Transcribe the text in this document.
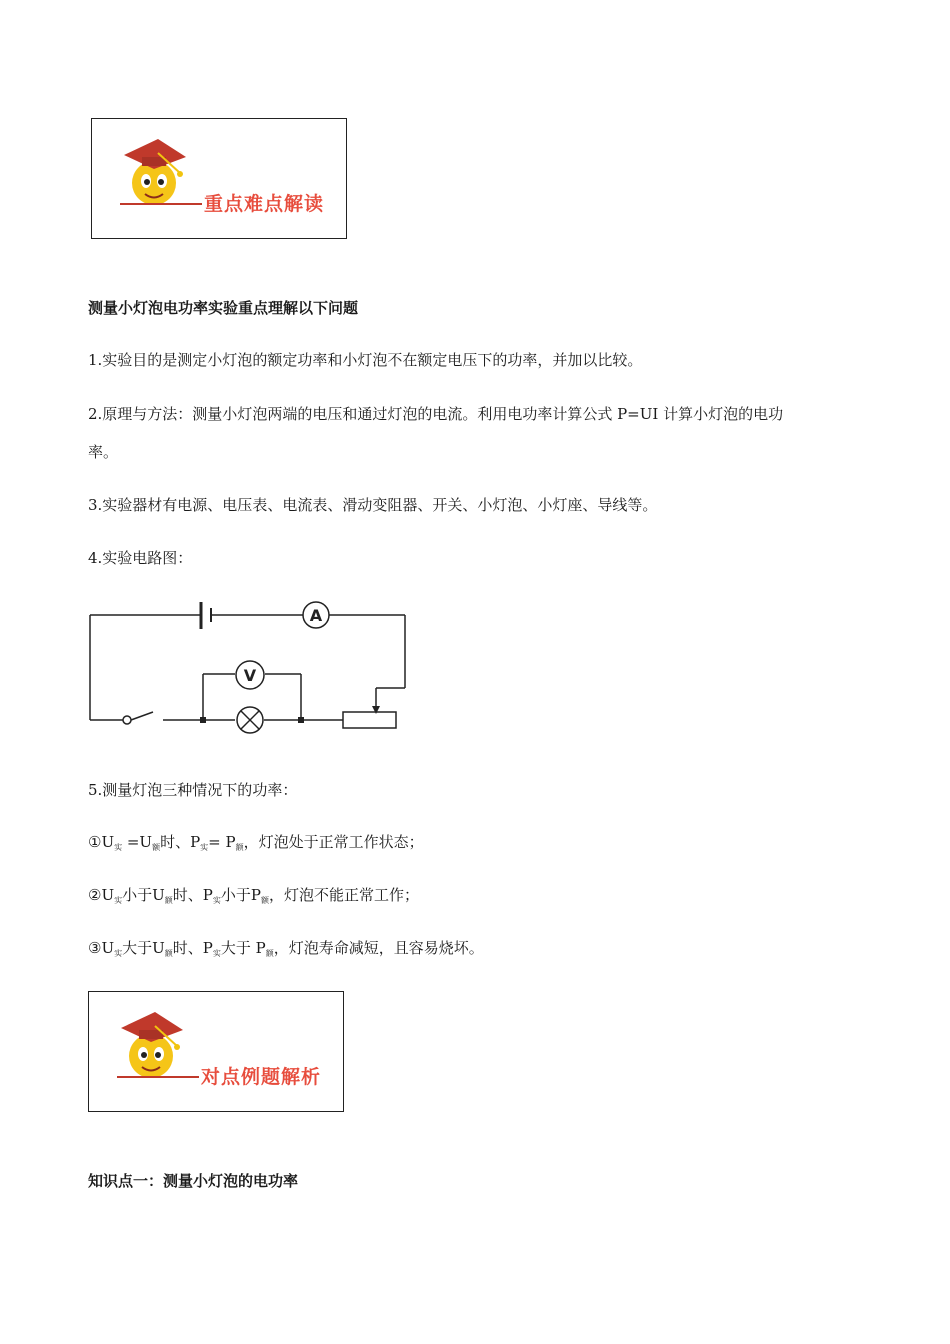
重点难点解读
测量小灯泡电功率实验重点理解以下问题
1.实验目的是测定小灯泡的额定功率和小灯泡不在额定电压下的功率，并加以比较。
2.原理与方法：测量小灯泡两端的电压和通过灯泡的电流。利用电功率计算公式 P=UI 计算小灯泡的电功
率。
3.实验器材有电源、电压表、电流表、滑动变阻器、开关、小灯泡、小灯座、导线等。
4.实验电路图：
A
V
5.测量灯泡三种情况下的功率：
$①U_实 =U_额$时、$P_实= P_额$，灯泡处于正常工作状态；
$②U_实$小于$U_额$时、$P_实$小于$P_额$，灯泡不能正常工作；
$③U_实$大于$U_额$时、$P_实$大于 $P_额$，灯泡寿命减短，且容易烧坏。
对点例题解析
知识点一：测量小灯泡的电功率
